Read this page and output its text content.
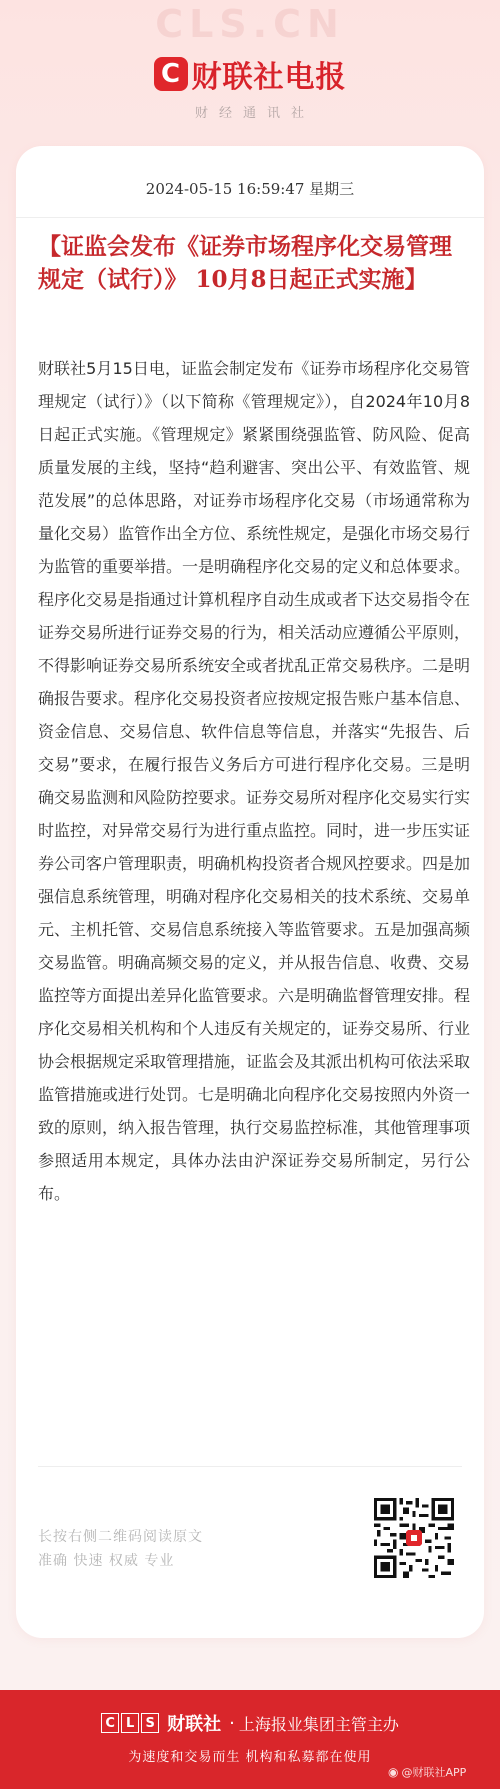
CLS.CN
C 财联社电报
财经通讯社
2024-05-15 16:59:47 星期三
【证监会发布《证券市场程序化交易管理规定（试行）》 10月8日起正式实施】
财联社5月15日电，证监会制定发布《证券市场程序化交易管理规定（试行）》（以下简称《管理规定》），自2024年10月8日起正式实施。《管理规定》紧紧围绕强监管、防风险、促高质量发展的主线，坚持“趋利避害、突出公平、有效监管、规范发展”的总体思路，对证券市场程序化交易（市场通常称为量化交易）监管作出全方位、系统性规定，是强化市场交易行为监管的重要举措。一是明确程序化交易的定义和总体要求。程序化交易是指通过计算机程序自动生成或者下达交易指令在证券交易所进行证券交易的行为，相关活动应遵循公平原则，不得影响证券交易所系统安全或者扰乱正常交易秩序。二是明确报告要求。程序化交易投资者应按规定报告账户基本信息、资金信息、交易信息、软件信息等信息，并落实“先报告、后交易”要求，在履行报告义务后方可进行程序化交易。三是明确交易监测和风险防控要求。证券交易所对程序化交易实行实时监控，对异常交易行为进行重点监控。同时，进一步压实证券公司客户管理职责，明确机构投资者合规风控要求。四是加强信息系统管理，明确对程序化交易相关的技术系统、交易单元、主机托管、交易信息系统接入等监管要求。五是加强高频交易监管。明确高频交易的定义，并从报告信息、收费、交易监控等方面提出差异化监管要求。六是明确监督管理安排。程序化交易相关机构和个人违反有关规定的，证券交易所、行业协会根据规定采取管理措施，证监会及其派出机构可依法采取监管措施或进行处罚。七是明确北向程序化交易按照内外资一致的原则，纳入报告管理，执行交易监控标准，其他管理事项参照适用本规定，具体办法由沪深证券交易所制定，另行公布。
长按右侧二维码阅读原文
准确 快速 权威 专业
C L S 财联社 · 上海报业集团主管主办
为速度和交易而生 机构和私募都在使用
◉ @财联社APP
